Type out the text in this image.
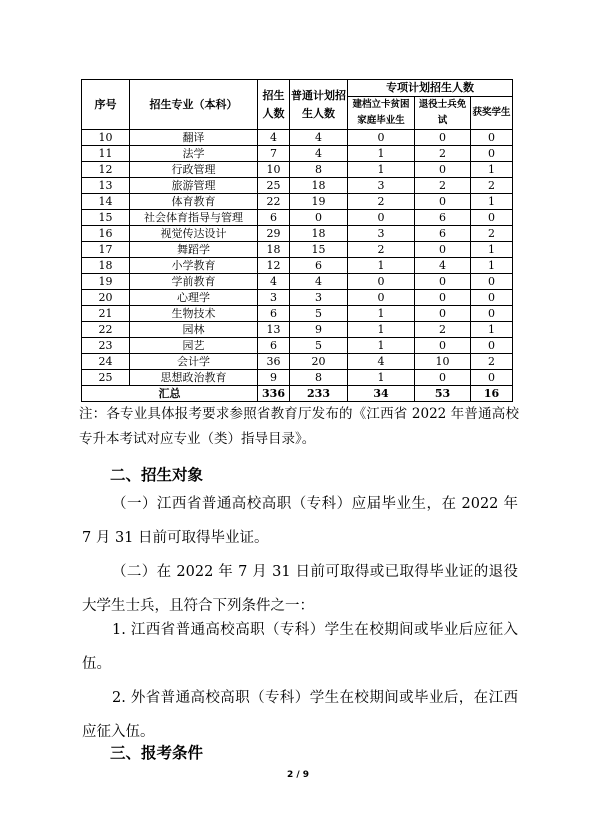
序号	招生专业（本科）	招生人数	普通计划招生人数	专项计划招生人数		
				建档立卡贫困家庭毕业生	退役士兵免试	获奖学生
10	翻译	4	4	0	0	0
11	法学	7	4	1	2	0
12	行政管理	10	8	1	0	1
13	旅游管理	25	18	3	2	2
14	体育教育	22	19	2	0	1
15	社会体育指导与管理	6	0	0	6	0
16	视觉传达设计	29	18	3	6	2
17	舞蹈学	18	15	2	0	1
18	小学教育	12	6	1	4	1
19	学前教育	4	4	0	0	0
20	心理学	3	3	0	0	0
21	生物技术	6	5	1	0	0
22	园林	13	9	1	2	1
23	园艺	6	5	1	0	0
24	会计学	36	20	4	10	2
25	思想政治教育	9	8	1	0	0
汇总		336	233	34	53	16
注：各专业具体报考要求参照省教育厅发布的《江西省 2022 年普通高校专升本考试对应专业（类）指导目录》。
二、招生对象
（一）江西省普通高校高职（专科）应届毕业生，在 2022 年 7 月 31 日前可取得毕业证。
（二）在 2022 年 7 月 31 日前可取得或已取得毕业证的退役大学生士兵，且符合下列条件之一：
1. 江西省普通高校高职（专科）学生在校期间或毕业后应征入伍。
2. 外省普通高校高职（专科）学生在校期间或毕业后，在江西应征入伍。
三、报考条件
2 / 9
